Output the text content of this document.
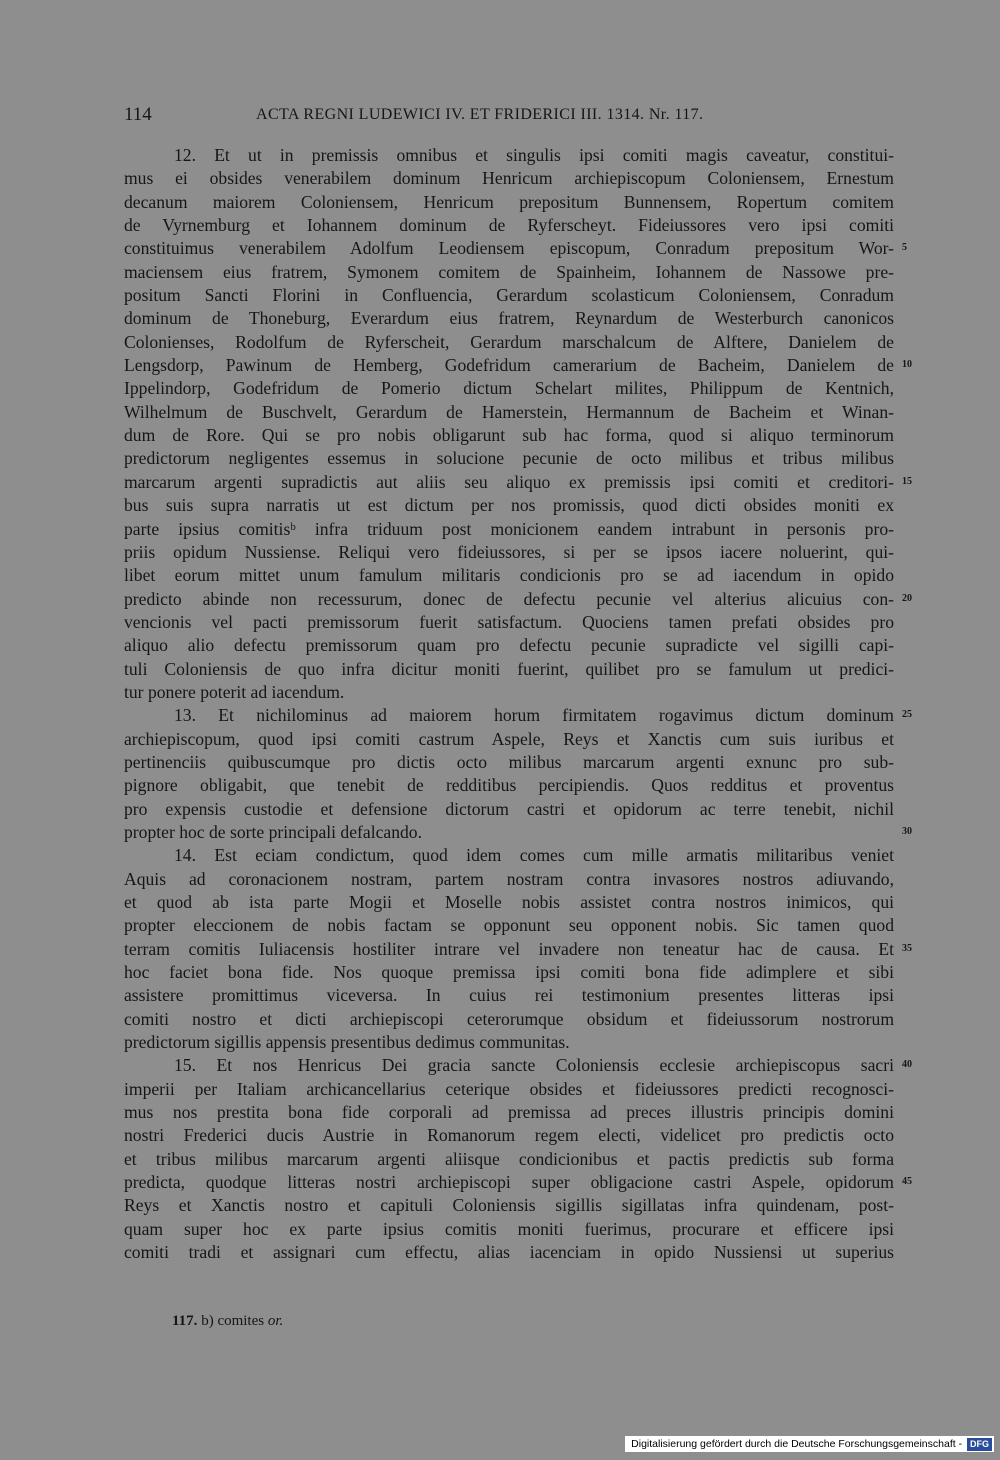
114	ACTA REGNI LUDEWICI IV. ET FRIDERICI III. 1314. Nr. 117.
12. Et ut in premissis omnibus et singulis ipsi comiti magis caveatur, constitui-
mus ei obsides venerabilem dominum Henricum archiepiscopum Coloniensem, Ernestum
decanum maiorem Coloniensem, Henricum prepositum Bunnensem, Ropertum comitem
de Vyrnemburg et Iohannem dominum de Ryferscheyt. Fideiussores vero ipsi comiti
constituimus venerabilem Adolfum Leodiensem episcopum, Conradum prepositum Wor- 5
maciensem eius fratrem, Symonem comitem de Spainheim, Iohannem de Nassowe pre-
positum Sancti Florini in Confluencia, Gerardum scolasticum Coloniensem, Conradum
dominum de Thoneburg, Everardum eius fratrem, Reynardum de Westerburch canonicos
Colonienses, Rodolfum de Ryferscheit, Gerardum marschalcum de Alftere, Danielem de
Lengsdorp, Pawinum de Hemberg, Godefridum camerarium de Bacheim, Danielem de 10
Ippelindorp, Godefridum de Pomerio dictum Schelart milites, Philippum de Kentnich,
Wilhelmum de Buschvelt, Gerardum de Hamerstein, Hermannum de Bacheim et Winan-
dum de Rore. Qui se pro nobis obligarunt sub hac forma, quod si aliquo terminorum
predictorum negligentes essemus in solucione pecunie de octo milibus et tribus milibus
marcarum argenti supradictis aut aliis seu aliquo ex premissis ipsi comiti et creditori- 15
bus suis supra narratis ut est dictum per nos promissis, quod dicti obsides moniti ex
parte ipsius comitisᵇ infra triduum post monicionem eandem intrabunt in personis pro-
priis opidum Nussiense. Reliqui vero fideiussores, si per se ipsos iacere noluerint, qui-
libet eorum mittet unum famulum militaris condicionis pro se ad iacendum in opido
predicto abinde non recessurum, donec de defectu pecunie vel alterius alicuius con- 20
vencionis vel pacti premissorum fuerit satisfactum. Quociens tamen prefati obsides pro
aliquo alio defectu premissorum quam pro defectu pecunie supradicte vel sigilli capi-
tuli Coloniensis de quo infra dicitur moniti fuerint, quilibet pro se famulum ut predici-
tur ponere poterit ad iacendum.
13. Et nichilominus ad maiorem horum firmitatem rogavimus dictum dominum 25
archiepiscopum, quod ipsi comiti castrum Aspele, Reys et Xanctis cum suis iuribus et
pertinenciis quibuscumque pro dictis octo milibus marcarum argenti exnunc pro sub-
pignore obligabit, que tenebit de redditibus percipiendis. Quos redditus et proventus
pro expensis custodie et defensione dictorum castri et opidorum ac terre tenebit, nichil
propter hoc de sorte principali defalcando.	30
14. Est eciam condictum, quod idem comes cum mille armatis militaribus veniet
Aquis ad coronacionem nostram, partem nostram contra invasores nostros adiuvando,
et quod ab ista parte Mogii et Moselle nobis assistet contra nostros inimicos, qui
propter eleccionem de nobis factam se opponunt seu opponent nobis. Sic tamen quod
terram comitis Iuliacensis hostiliter intrare vel invadere non teneatur hac de causa. Et 35
hoc faciet bona fide. Nos quoque premissa ipsi comiti bona fide adimplere et sibi
assistere promittimus viceversa. In cuius rei testimonium presentes litteras ipsi
comiti nostro et dicti archiepiscopi ceterorumque obsidum et fideiussorum nostrorum
predictorum sigillis appensis presentibus dedimus communitas.
15. Et nos Henricus Dei gracia sancte Coloniensis ecclesie archiepiscopus sacri 40
imperii per Italiam archicancellarius ceterique obsides et fideiussores predicti recognosci-
mus nos prestita bona fide corporali ad premissa ad preces illustris principis domini
nostri Frederici ducis Austrie in Romanorum regem electi, videlicet pro predictis octo
et tribus milibus marcarum argenti aliisque condicionibus et pactis predictis sub forma
predicta, quodque litteras nostri archiepiscopi super obligacione castri Aspele, opidorum 45
Reys et Xanctis nostro et capituli Coloniensis sigillis sigillatas infra quindenam, post-
quam super hoc ex parte ipsius comitis moniti fuerimus, procurare et efficere ipsi
comiti tradi et assignari cum effectu, alias iacenciam in opido Nussiensi ut superius
117. b) comites or.
Digitalisierung gefördert durch die Deutsche Forschungsgemeinschaft - DFG
